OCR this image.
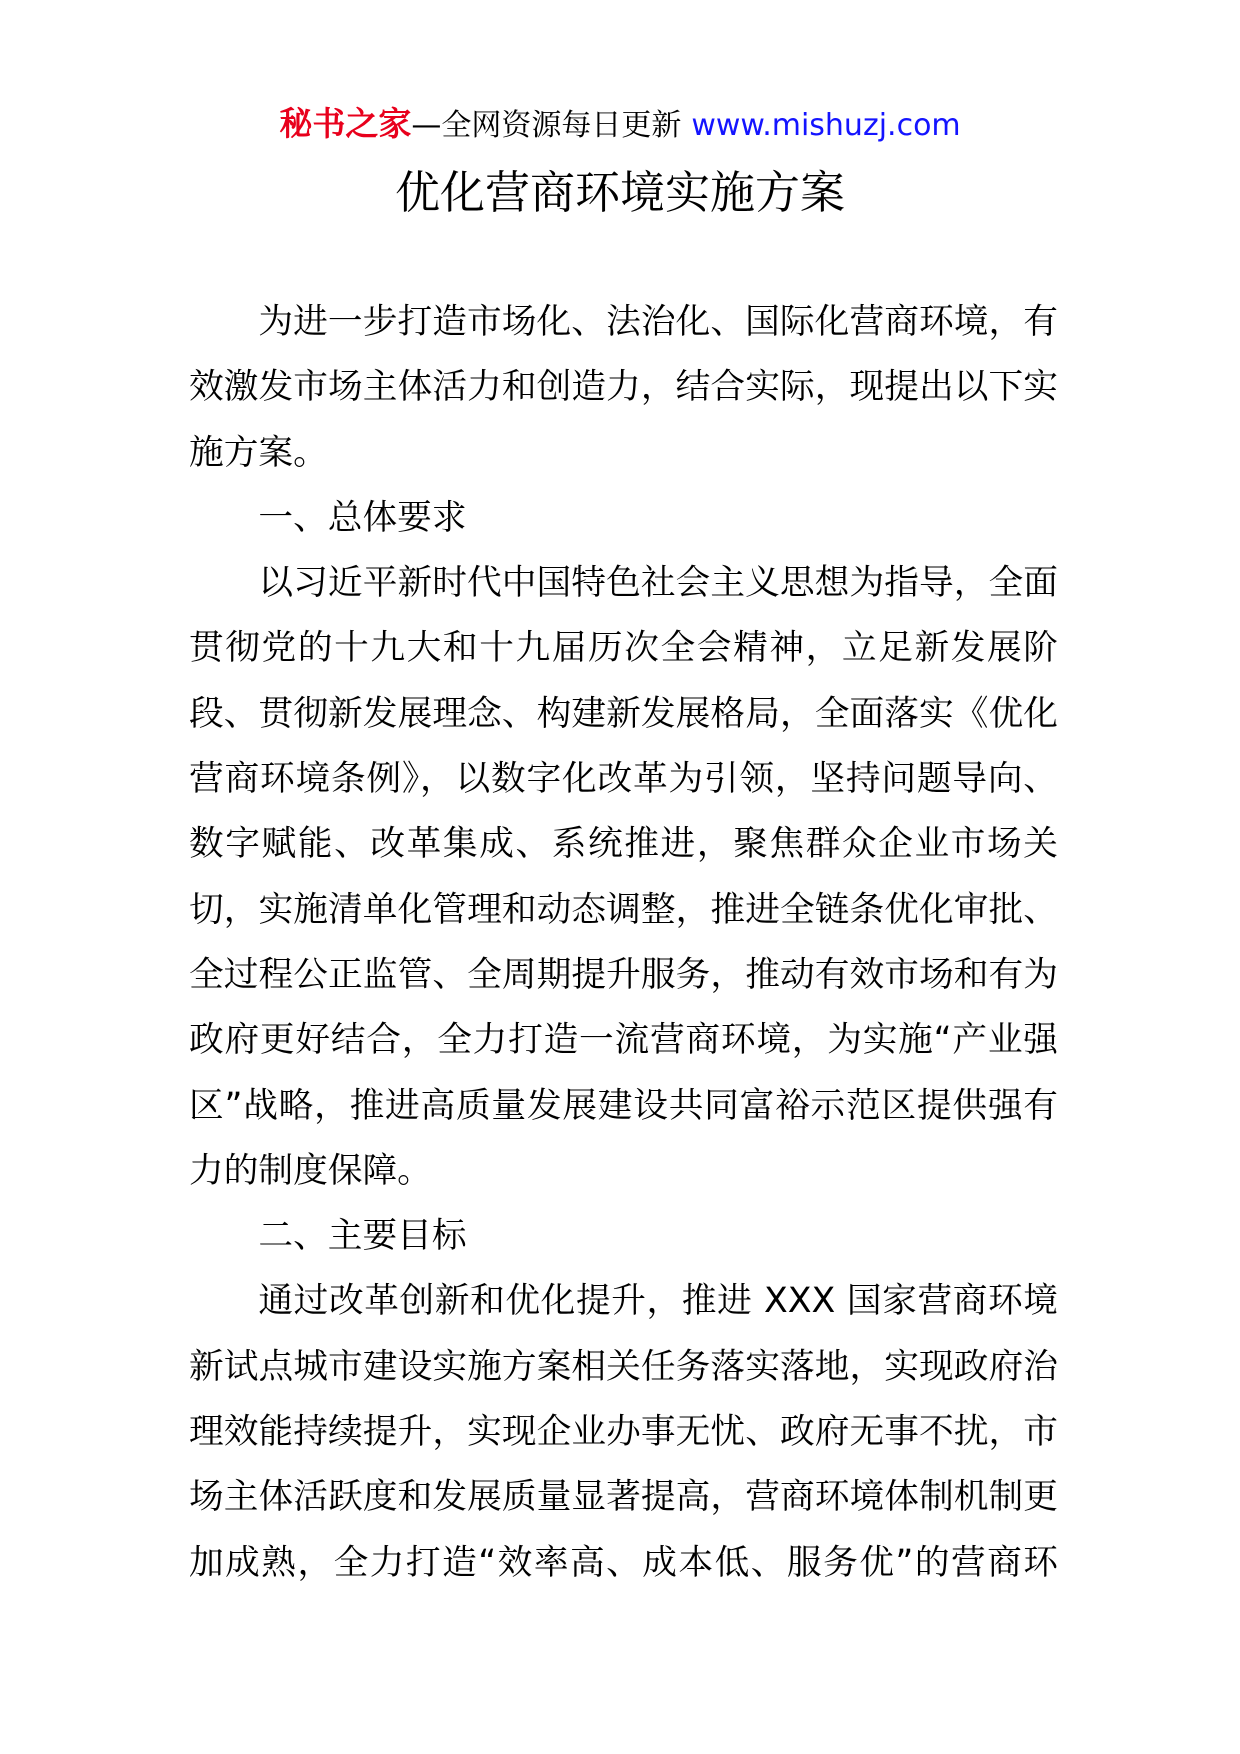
秘书之家—全网资源每日更新 www.mishuzj.com
优化营商环境实施方案
为进一步打造市场化、法治化、国际化营商环境，有
效激发市场主体活力和创造力，结合实际，现提出以下实
施方案。
一、总体要求
以习近平新时代中国特色社会主义思想为指导，全面
贯彻党的十九大和十九届历次全会精神，立足新发展阶
段、贯彻新发展理念、构建新发展格局，全面落实《优化
营商环境条例》，以数字化改革为引领，坚持问题导向、
数字赋能、改革集成、系统推进，聚焦群众企业市场关
切，实施清单化管理和动态调整，推进全链条优化审批、
全过程公正监管、全周期提升服务，推动有效市场和有为
政府更好结合，全力打造一流营商环境，为实施“产业强
区”战略，推进高质量发展建设共同富裕示范区提供强有
力的制度保障。
二、主要目标
通过改革创新和优化提升，推进 XXX 国家营商环境
新试点城市建设实施方案相关任务落实落地，实现政府治
理效能持续提升，实现企业办事无忧、政府无事不扰，市
场主体活跃度和发展质量显著提高，营商环境体制机制更
加成熟，全力打造“效率高、成本低、服务优”的营商环
